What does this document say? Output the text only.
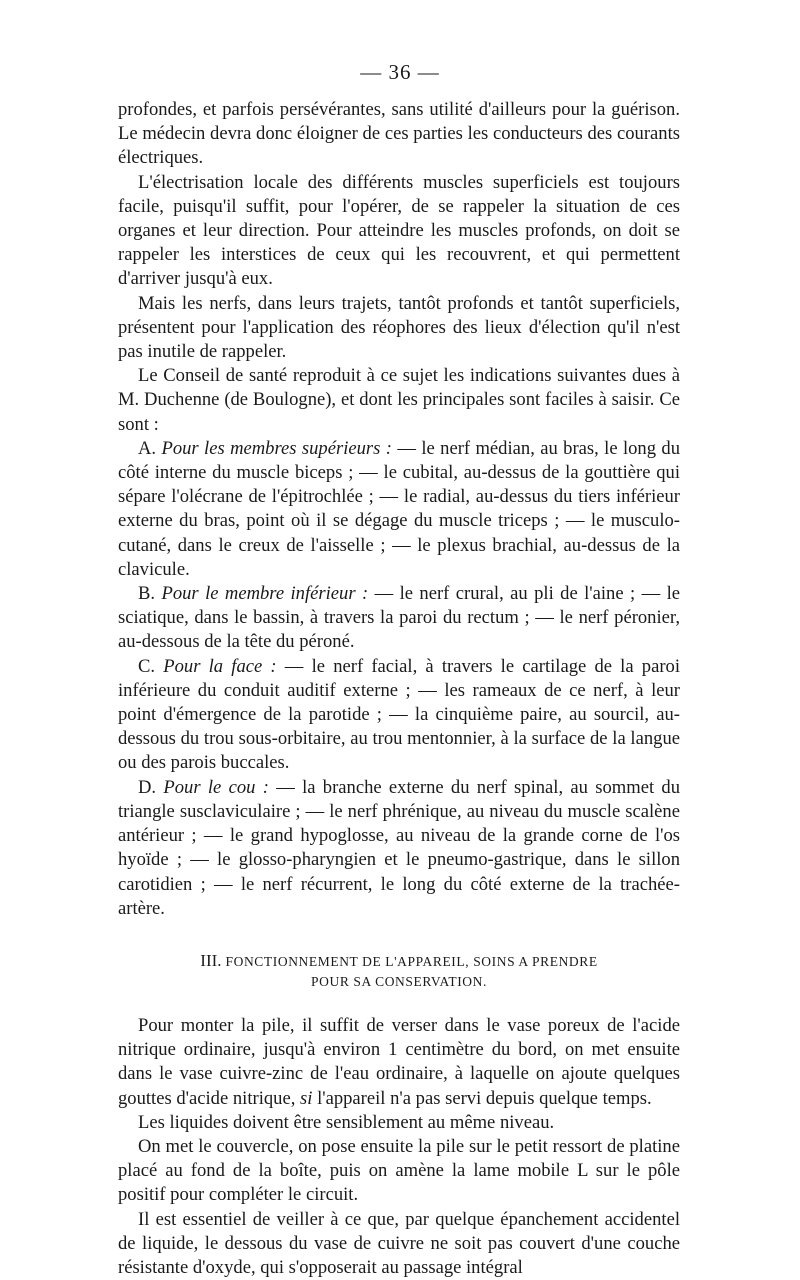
— 36 —

profondes, et parfois persévérantes, sans utilité d'ailleurs pour la guérison. Le médecin devra donc éloigner de ces parties les conducteurs des courants électriques.

L'électrisation locale des différents muscles superficiels est toujours facile, puisqu'il suffit, pour l'opérer, de se rappeler la situation de ces organes et leur direction. Pour atteindre les muscles profonds, on doit se rappeler les interstices de ceux qui les recouvrent, et qui permettent d'arriver jusqu'à eux.

Mais les nerfs, dans leurs trajets, tantôt profonds et tantôt superficiels, présentent pour l'application des réophores des lieux d'élection qu'il n'est pas inutile de rappeler.

Le Conseil de santé reproduit à ce sujet les indications suivantes dues à M. Duchenne (de Boulogne), et dont les principales sont faciles à saisir. Ce sont :

A. Pour les membres supérieurs : — le nerf médian, au bras, le long du côté interne du muscle biceps ; — le cubital, au-dessus de la gouttière qui sépare l'olécrane de l'épitrochlée ; — le radial, au-dessus du tiers inférieur externe du bras, point où il se dégage du muscle triceps ; — le musculo-cutané, dans le creux de l'aisselle ; — le plexus brachial, au-dessus de la clavicule.

B. Pour le membre inférieur : — le nerf crural, au pli de l'aine ; — le sciatique, dans le bassin, à travers la paroi du rectum ; — le nerf péronier, au-dessous de la tête du péroné.

C. Pour la face : — le nerf facial, à travers le cartilage de la paroi inférieure du conduit auditif externe ; — les rameaux de ce nerf, à leur point d'émergence de la parotide ; — la cinquième paire, au sourcil, au-dessous du trou sous-orbitaire, au trou mentonnier, à la surface de la langue ou des parois buccales.

D. Pour le cou : — la branche externe du nerf spinal, au sommet du triangle susclaviculaire ; — le nerf phrénique, au niveau du muscle scalène antérieur ; — le grand hypoglosse, au niveau de la grande corne de l'os hyoïde ; — le glosso-pharyngien et le pneumo-gastrique, dans le sillon carotidien ; — le nerf récurrent, le long du côté externe de la trachée-artère.

III. FONCTIONNEMENT DE L'APPAREIL, SOINS A PRENDRE
POUR SA CONSERVATION.

Pour monter la pile, il suffit de verser dans le vase poreux de l'acide nitrique ordinaire, jusqu'à environ 1 centimètre du bord, on met ensuite dans le vase cuivre-zinc de l'eau ordinaire, à laquelle on ajoute quelques gouttes d'acide nitrique, si l'appareil n'a pas servi depuis quelque temps.

Les liquides doivent être sensiblement au même niveau.

On met le couvercle, on pose ensuite la pile sur le petit ressort de platine placé au fond de la boîte, puis on amène la lame mobile L sur le pôle positif pour compléter le circuit.

Il est essentiel de veiller à ce que, par quelque épanchement accidentel de liquide, le dessous du vase de cuivre ne soit pas couvert d'une couche résistante d'oxyde, qui s'opposerait au passage intégral
